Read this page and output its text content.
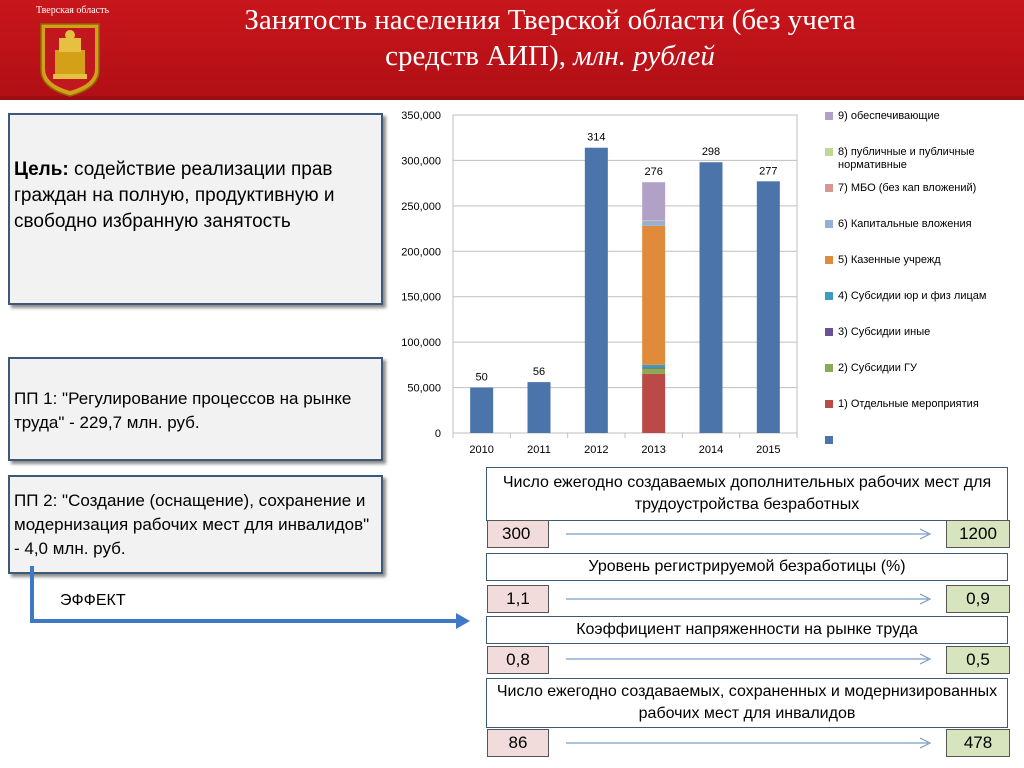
Тверская область	Занятость населения Тверской области (без учета
средств АИП), млн. рублей
Цель: содействие реализации прав граждан на полную, продуктивную и свободно избранную занятость
ПП 1: "Регулирование процессов на рынке труда" - 229,7 млн. руб.
ПП 2: "Создание (оснащение), сохранение и модернизация рабочих мест для инвалидов" - 4,0 млн. руб.
ЭФФЕКТ
Число ежегодно создаваемых дополнительных рабочих мест для трудоустройства безработных
300	1200
Уровень регистрируемой безработицы (%)
1,1	0,9
Коэффициент напряженности на рынке труда
0,8	0,5
Число ежегодно создаваемых, сохраненных и модернизированных рабочих мест для инвалидов
86	478
0
50,000
100,000
150,000
200,000
250,000
300,000
350,000
2010
50
2011
56
2012
314
2013
276
2014
298
2015
277
9) обеспечивающие
8) публичные и публичные нормативные
7) МБО (без кап вложений)
6) Капитальные вложения
5) Казенные учрежд
4) Субсидии юр и физ лицам
3) Субсидии иные
2) Субсидии ГУ
1) Отдельные мероприятия
